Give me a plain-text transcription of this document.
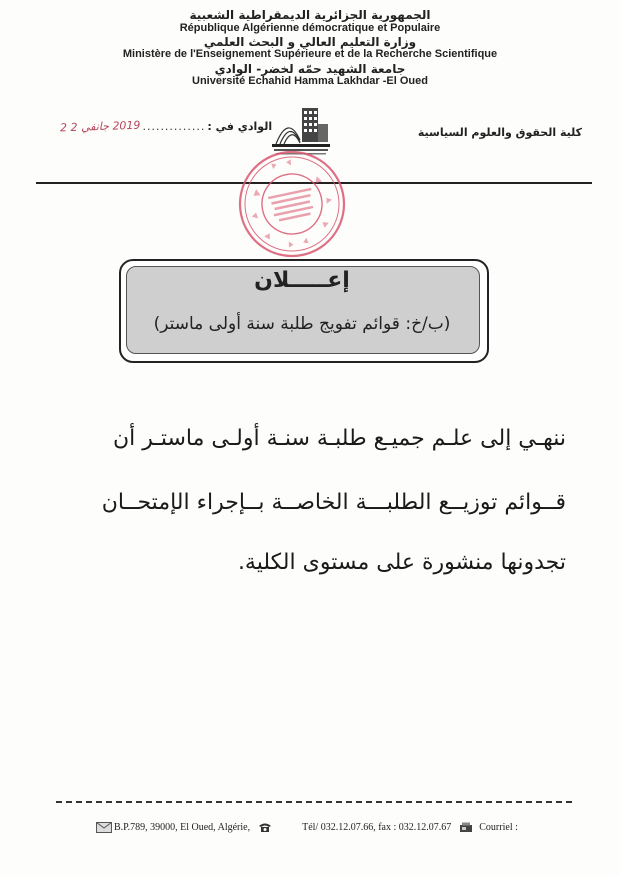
الجمهورية الجزائرية الديمقراطية الشعبية
République Algérienne démocratique et Populaire
وزارة التعليم العالي و البحث العلمي
Ministère de l'Enseignement Supérieure et de la Recherche Scientifique
جامعة الشهيد حمّه لخضر- الوادي
Université Echahid Hamma Lakhdar -El Oued
الوادي في :
..............
2019 جانفي 2 2	كلية الحقوق والعلوم السياسية
إعـــــلان
(ب/خ: قوائم تفويج طلبة سنة أولى ماستر)
ننهـي إلى علـم جميـع طلبـة سنـة أولـى ماستـر أن
قــوائم توزيــع الطلبـــة الخاصــة بــإجراء الإمتحــان
تجدونها منشورة على مستوى الكلية.
B.P.789, 39000, El Oued, Algérie,	Tél/ 032.12.07.66, fax : 032.12.07.67	Courriel :
